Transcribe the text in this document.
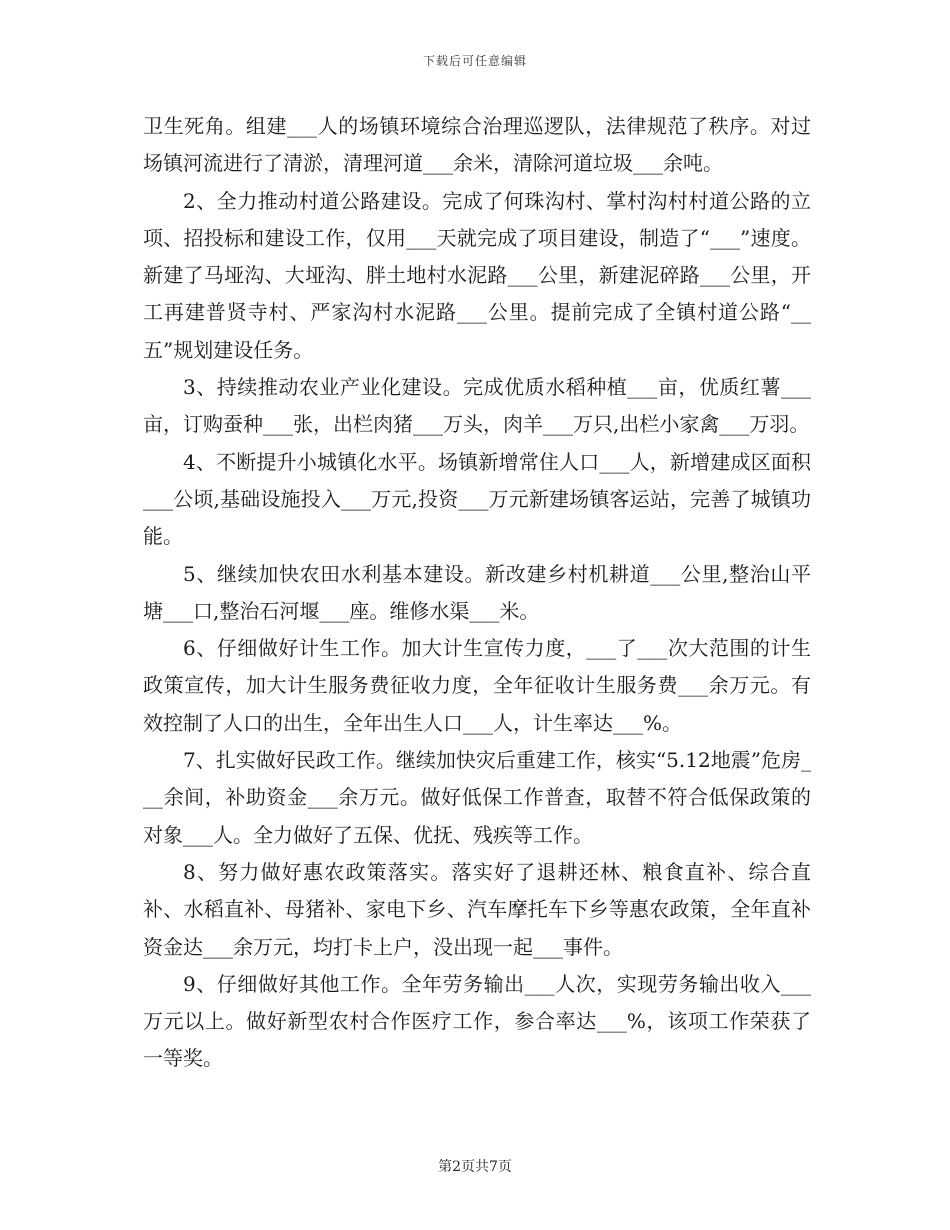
下载后可任意编辑

卫生死角。组建___人的场镇环境综合治理巡逻队，法律规范了秩序。对过场镇河流进行了清淤，清理河道___余米，清除河道垃圾___余吨。

2、全力推动村道公路建设。完成了何珠沟村、掌村沟村村道公路的立项、招投标和建设工作，仅用___天就完成了项目建设，制造了“___”速度。新建了马垭沟、大垭沟、胖土地村水泥路___公里，新建泥碎路___公里，开工再建普贤寺村、严家沟村水泥路___公里。提前完成了全镇村道公路“__五”规划建设任务。

3、持续推动农业产业化建设。完成优质水稻种植___亩，优质红薯___亩，订购蚕种___张，出栏肉猪___万头，肉羊___万只,出栏小家禽___万羽。

4、不断提升小城镇化水平。场镇新增常住人口___人，新增建成区面积___公顷,基础设施投入___万元,投资___万元新建场镇客运站，完善了城镇功能。

5、继续加快农田水利基本建设。新改建乡村机耕道___公里,整治山平塘___口,整治石河堰___座。维修水渠___米。

6、仔细做好计生工作。加大计生宣传力度，___了___次大范围的计生政策宣传，加大计生服务费征收力度，全年征收计生服务费___余万元。有效控制了人口的出生，全年出生人口___人，计生率达___%。

7、扎实做好民政工作。继续加快灾后重建工作，核实“5.12地震”危房___余间，补助资金___余万元。做好低保工作普查，取替不符合低保政策的对象___人。全力做好了五保、优抚、残疾等工作。

8、努力做好惠农政策落实。落实好了退耕还林、粮食直补、综合直补、水稻直补、母猪补、家电下乡、汽车摩托车下乡等惠农政策，全年直补资金达___余万元，均打卡上户，没出现一起___事件。

9、仔细做好其他工作。全年劳务输出___人次，实现劳务输出收入___万元以上。做好新型农村合作医疗工作，参合率达___%，该项工作荣获了一等奖。

第2页共7页
